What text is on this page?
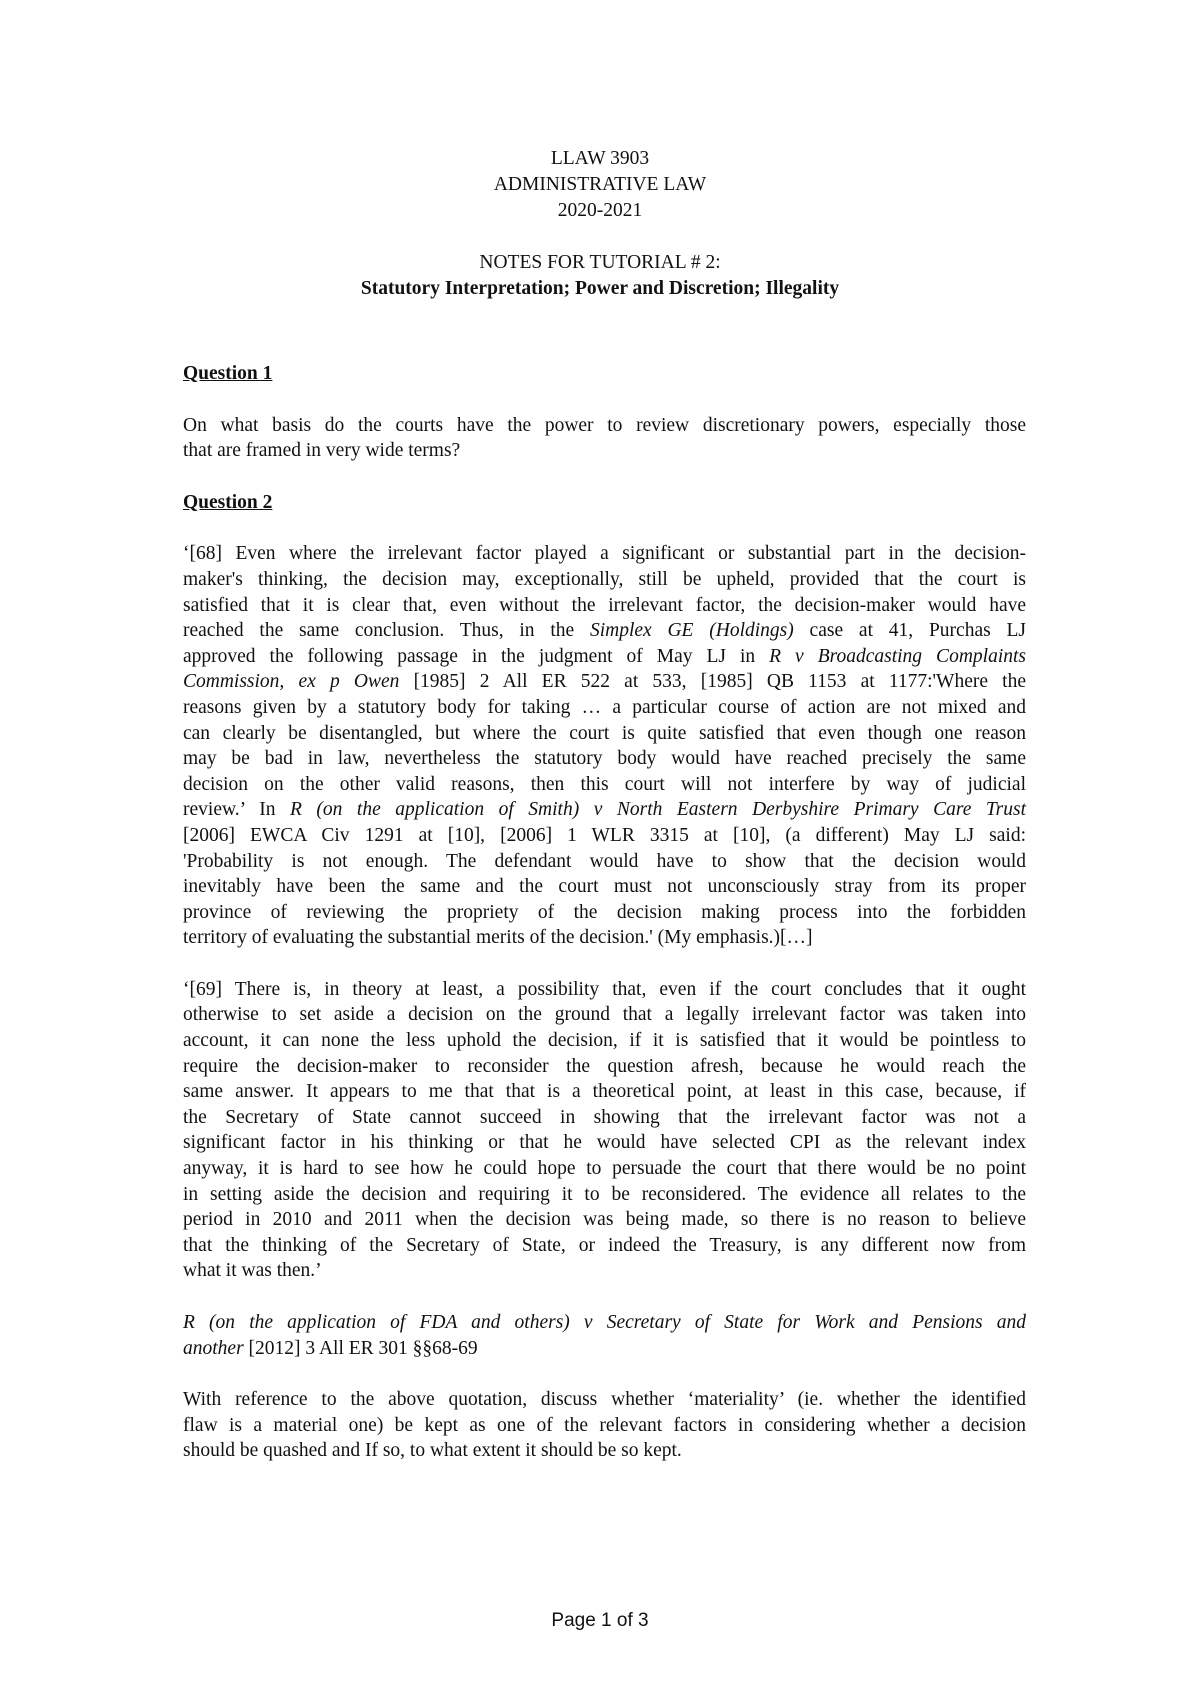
LLAW 3903
ADMINISTRATIVE LAW
2020-2021
NOTES FOR TUTORIAL # 2:
Statutory Interpretation; Power and Discretion; Illegality
Question 1

On what basis do the courts have the power to review discretionary powers, especially those
that are framed in very wide terms?

Question 2

‘[68] Even where the irrelevant factor played a significant or substantial part in the decision-
maker's thinking, the decision may, exceptionally, still be upheld, provided that the court is
satisfied that it is clear that, even without the irrelevant factor, the decision-maker would have
reached the same conclusion. Thus, in the Simplex GE (Holdings) case at 41, Purchas LJ
approved the following passage in the judgment of May LJ in R v Broadcasting Complaints
Commission, ex p Owen [1985] 2 All ER 522 at 533, [1985] QB 1153 at 1177:'Where the
reasons given by a statutory body for taking … a particular course of action are not mixed and
can clearly be disentangled, but where the court is quite satisfied that even though one reason
may be bad in law, nevertheless the statutory body would have reached precisely the same
decision on the other valid reasons, then this court will not interfere by way of judicial
review.’ In R (on the application of Smith) v North Eastern Derbyshire Primary Care Trust
[2006] EWCA Civ 1291 at [10], [2006] 1 WLR 3315 at [10], (a different) May LJ said:
'Probability is not enough. The defendant would have to show that the decision would
inevitably have been the same and the court must not unconsciously stray from its proper
province of reviewing the propriety of the decision making process into the forbidden
territory of evaluating the substantial merits of the decision.' (My emphasis.)[…]

‘[69] There is, in theory at least, a possibility that, even if the court concludes that it ought
otherwise to set aside a decision on the ground that a legally irrelevant factor was taken into
account, it can none the less uphold the decision, if it is satisfied that it would be pointless to
require the decision-maker to reconsider the question afresh, because he would reach the
same answer. It appears to me that that is a theoretical point, at least in this case, because, if
the Secretary of State cannot succeed in showing that the irrelevant factor was not a
significant factor in his thinking or that he would have selected CPI as the relevant index
anyway, it is hard to see how he could hope to persuade the court that there would be no point
in setting aside the decision and requiring it to be reconsidered. The evidence all relates to the
period in 2010 and 2011 when the decision was being made, so there is no reason to believe
that the thinking of the Secretary of State, or indeed the Treasury, is any different now from
what it was then.’

R (on the application of FDA and others) v Secretary of State for Work and Pensions and
another [2012] 3 All ER 301 §§68-69

With reference to the above quotation, discuss whether ‘materiality’ (ie. whether the identified
flaw is a material one) be kept as one of the relevant factors in considering whether a decision
should be quashed and If so, to what extent it should be so kept.

Page 1 of 3
